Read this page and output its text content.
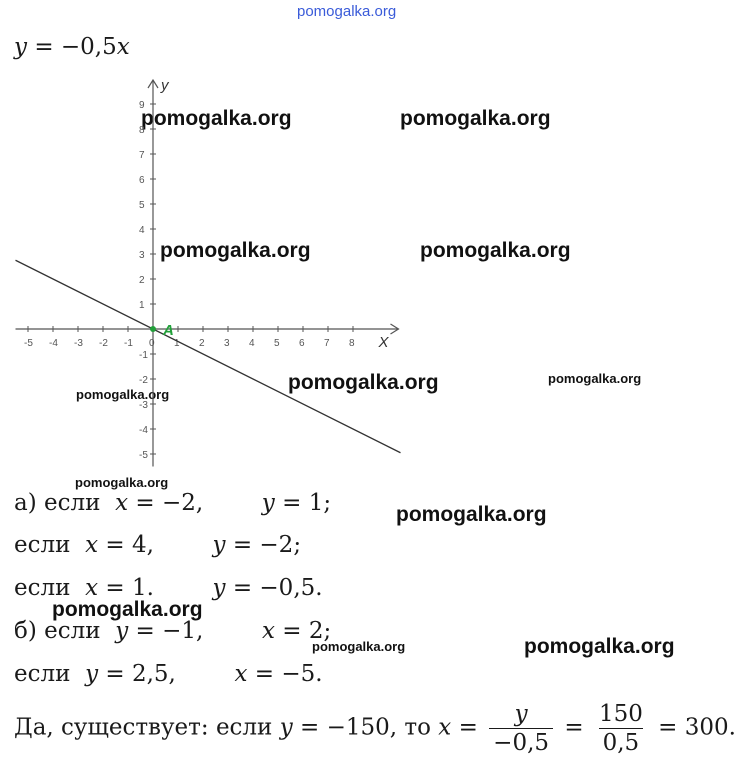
pomogalka.org
pomogalka.org	pomogalka.org
pomogalka.org	pomogalka.org
pomogalka.org	pomogalka.org
pomogalka.org
pomogalka.org
pomogalka.org
pomogalka.org
pomogalka.org	pomogalka.org
y = −0,5x
X
y
-5 -4 -3 -2 -1 0 1 2 3 4 5 6 7 8
9
8
7
6
5
4
3
2
1
-1
-2
-3
-4
-5
A
а) если x = −2,	y = 1;
если x = 4,	y = −2;
если x = 1.	y = −0,5.
б) если y = −1,	x = 2;
если y = 2,5,	x = −5.
Да, существует: если y = −150, то $x = \frac{y}{-0,5} = \frac{150}{0,5} = 300$.
